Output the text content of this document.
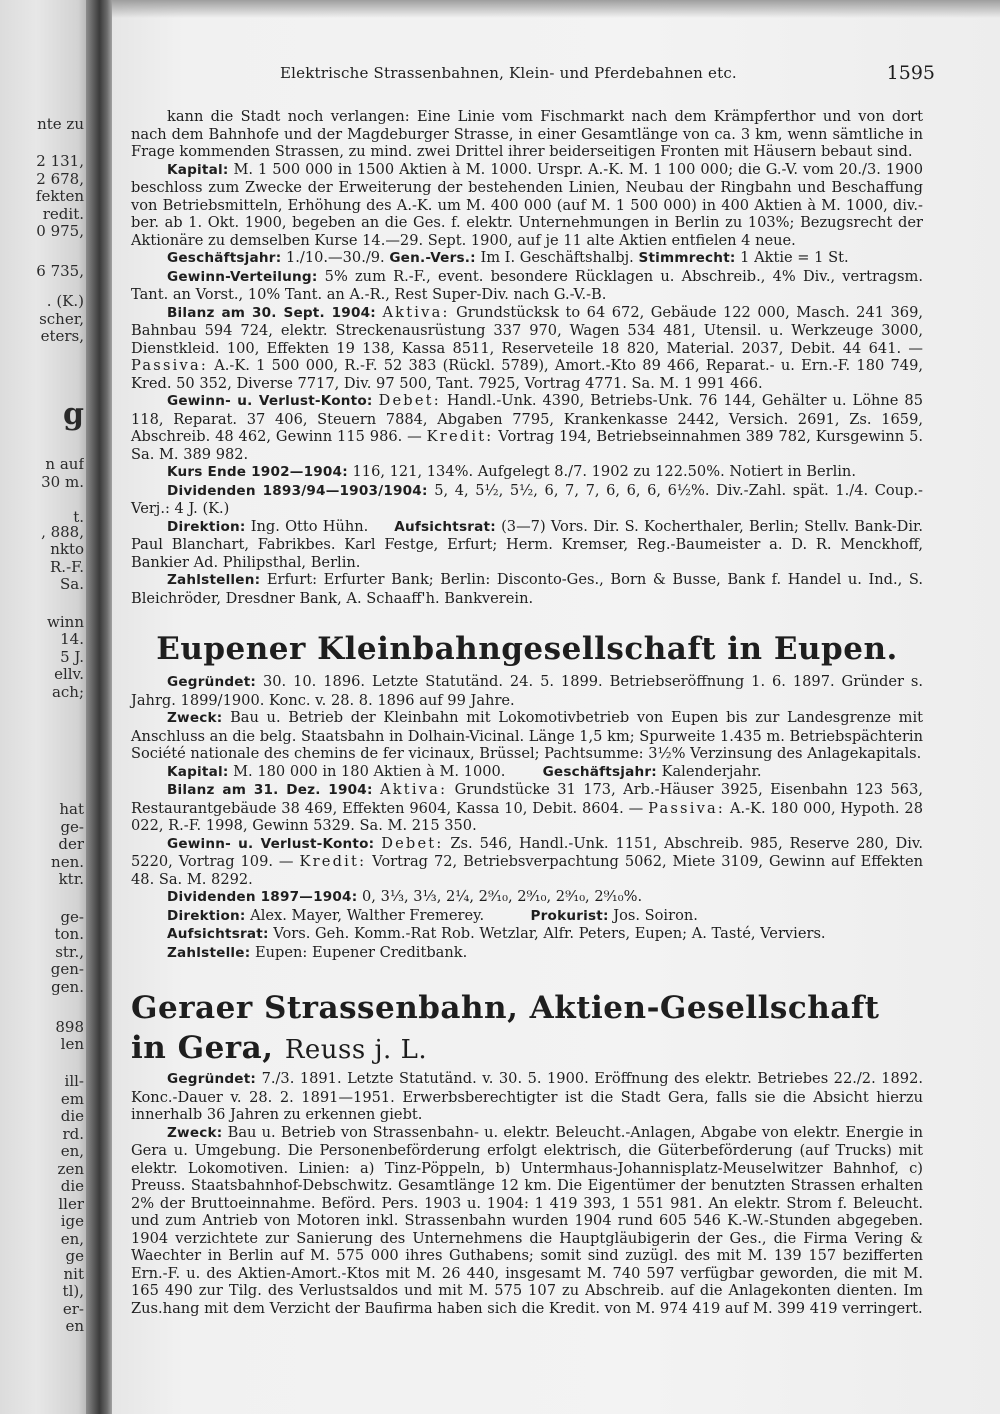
nte zu
2 131,
2 678,
fekten
redit.
0 975,
6 735,
. (K.)
scher,
eters,
g
n auf
30 m.
t.
, 888,
nkto
R.-F.
Sa.
winn
14.
5 J.
ellv.
ach;
hat
ge-
der
nen.
ktr.
ge-
ton.
str.,
gen-
gen.
898
len
ill-
em
die
rd.
en,
zen
die
ller
ige
en,
ge
nit
tl),
er-
en
Elektrische Strassenbahnen, Klein- und Pferdebahnen etc.	1595

kann die Stadt noch verlangen: Eine Linie vom Fischmarkt nach dem Krämpferthor und von dort nach dem Bahnhofe und der Magdeburger Strasse, in einer Gesamtlänge von ca. 3 km, wenn sämtliche in Frage kommenden Strassen, zu mind. zwei Drittel ihrer beiderseitigen Fronten mit Häusern bebaut sind.

Kapital: M. 1 500 000 in 1500 Aktien à M. 1000. Urspr. A.-K. M. 1 100 000; die G.-V. vom 20./3. 1900 beschloss zum Zwecke der Erweiterung der bestehenden Linien, Neubau der Ringbahn und Beschaffung von Betriebsmitteln, Erhöhung des A.-K. um M. 400 000 (auf M. 1 500 000) in 400 Aktien à M. 1000, div.-ber. ab 1. Okt. 1900, begeben an die Ges. f. elektr. Unternehmungen in Berlin zu 103%; Bezugsrecht der Aktionäre zu demselben Kurse 14.—29. Sept. 1900, auf je 11 alte Aktien entfielen 4 neue.

Geschäftsjahr: 1./10.—30./9. Gen.-Vers.: Im I. Geschäftshalbj. Stimmrecht: 1 Aktie = 1 St.

Gewinn-Verteilung: 5% zum R.-F., event. besondere Rücklagen u. Abschreib., 4% Div., vertragsm. Tant. an Vorst., 10% Tant. an A.-R., Rest Super-Div. nach G.-V.-B.

Bilanz am 30. Sept. 1904: Aktiva: Grundstücksk to 64 672, Gebäude 122 000, Masch. 241 369, Bahnbau 594 724, elektr. Streckenausrüstung 337 970, Wagen 534 481, Utensil. u. Werkzeuge 3000, Dienstkleid. 100, Effekten 19 138, Kassa 8511, Reserveteile 18 820, Material. 2037, Debit. 44 641. — Passiva: A.-K. 1 500 000, R.-F. 52 383 (Rückl. 5789), Amort.-Kto 89 466, Reparat.- u. Ern.-F. 180 749, Kred. 50 352, Diverse 7717, Div. 97 500, Tant. 7925, Vortrag 4771. Sa. M. 1 991 466.

Gewinn- u. Verlust-Konto: Debet: Handl.-Unk. 4390, Betriebs-Unk. 76 144, Gehälter u. Löhne 85 118, Reparat. 37 406, Steuern 7884, Abgaben 7795, Krankenkasse 2442, Versich. 2691, Zs. 1659, Abschreib. 48 462, Gewinn 115 986. — Kredit: Vortrag 194, Betriebseinnahmen 389 782, Kursgewinn 5. Sa. M. 389 982.

Kurs Ende 1902—1904: 116, 121, 134%. Aufgelegt 8./7. 1902 zu 122.50%. Notiert in Berlin.

Dividenden 1893/94—1903/1904: 5, 4, 5½, 5½, 6, 7, 7, 6, 6, 6, 6½%. Div.-Zahl. spät. 1./4. Coup.-Verj.: 4 J. (K.)

Direktion: Ing. Otto Hühn. Aufsichtsrat: (3—7) Vors. Dir. S. Kocherthaler, Berlin; Stellv. Bank-Dir. Paul Blanchart, Fabrikbes. Karl Festge, Erfurt; Herm. Kremser, Reg.-Baumeister a. D. R. Menckhoff, Bankier Ad. Philipsthal, Berlin.

Zahlstellen: Erfurt: Erfurter Bank; Berlin: Disconto-Ges., Born & Busse, Bank f. Handel u. Ind., S. Bleichröder, Dresdner Bank, A. Schaaff'h. Bankverein.

Eupener Kleinbahngesellschaft in Eupen.

Gegründet: 30. 10. 1896. Letzte Statutänd. 24. 5. 1899. Betriebseröffnung 1. 6. 1897. Gründer s. Jahrg. 1899/1900. Konc. v. 28. 8. 1896 auf 99 Jahre.

Zweck: Bau u. Betrieb der Kleinbahn mit Lokomotivbetrieb von Eupen bis zur Landesgrenze mit Anschluss an die belg. Staatsbahn in Dolhain-Vicinal. Länge 1,5 km; Spurweite 1.435 m. Betriebspächterin Société nationale des chemins de fer vicinaux, Brüssel; Pachtsumme: 3½% Verzinsung des Anlagekapitals.

Kapital: M. 180 000 in 180 Aktien à M. 1000.	Geschäftsjahr: Kalenderjahr.

Bilanz am 31. Dez. 1904: Aktiva: Grundstücke 31 173, Arb.-Häuser 3925, Eisenbahn 123 563, Restaurantgebäude 38 469, Effekten 9604, Kassa 10, Debit. 8604. — Passiva: A.-K. 180 000, Hypoth. 28 022, R.-F. 1998, Gewinn 5329. Sa. M. 215 350.

Gewinn- u. Verlust-Konto: Debet: Zs. 546, Handl.-Unk. 1151, Abschreib. 985, Reserve 280, Div. 5220, Vortrag 109. — Kredit: Vortrag 72, Betriebsverpachtung 5062, Miete 3109, Gewinn auf Effekten 48. Sa. M. 8292.

Dividenden 1897—1904: 0, 3⅓, 3⅓, 2¼, 2⁹⁄₁₀, 2⁹⁄₁₀, 2⁹⁄₁₀, 2⁹⁄₁₀%.

Direktion: Alex. Mayer, Walther Fremerey.	Prokurist: Jos. Soiron.

Aufsichtsrat: Vors. Geh. Komm.-Rat Rob. Wetzlar, Alfr. Peters, Eupen; A. Tasté, Verviers.

Zahlstelle: Eupen: Eupener Creditbank.

Geraer Strassenbahn, Aktien-Gesellschaft in Gera, Reuss j. L.

Gegründet: 7./3. 1891. Letzte Statutänd. v. 30. 5. 1900. Eröffnung des elektr. Betriebes 22./2. 1892. Konc.-Dauer v. 28. 2. 1891—1951. Erwerbsberechtigter ist die Stadt Gera, falls sie die Absicht hierzu innerhalb 36 Jahren zu erkennen giebt.

Zweck: Bau u. Betrieb von Strassenbahn- u. elektr. Beleucht.-Anlagen, Abgabe von elektr. Energie in Gera u. Umgebung. Die Personenbeförderung erfolgt elektrisch, die Güterbeförderung (auf Trucks) mit elektr. Lokomotiven. Linien: a) Tinz-Pöppeln, b) Untermhaus-Johannisplatz-Meuselwitzer Bahnhof, c) Preuss. Staatsbahnhof-Debschwitz. Gesamtlänge 12 km. Die Eigentümer der benutzten Strassen erhalten 2% der Bruttoeinnahme. Beförd. Pers. 1903 u. 1904: 1 419 393, 1 551 981. An elektr. Strom f. Beleucht. und zum Antrieb von Motoren inkl. Strassenbahn wurden 1904 rund 605 546 K.-W.-Stunden abgegeben. 1904 verzichtete zur Sanierung des Unternehmens die Hauptgläubigerin der Ges., die Firma Vering & Waechter in Berlin auf M. 575 000 ihres Guthabens; somit sind zuzügl. des mit M. 139 157 bezifferten Ern.-F. u. des Aktien-Amort.-Ktos mit M. 26 440, insgesamt M. 740 597 verfügbar geworden, die mit M. 165 490 zur Tilg. des Verlustsaldos und mit M. 575 107 zu Abschreib. auf die Anlagekonten dienten. Im Zus.hang mit dem Verzicht der Baufirma haben sich die Kredit. von M. 974 419 auf M. 399 419 verringert.
